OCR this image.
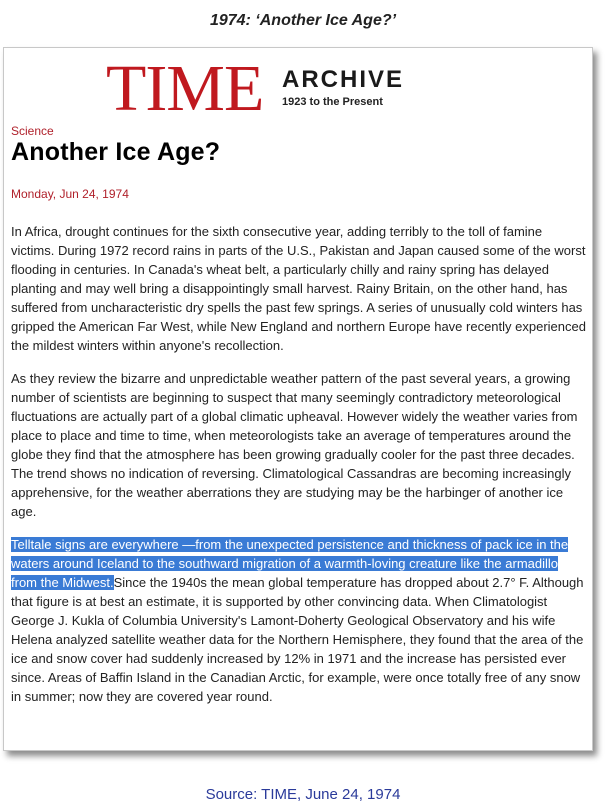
1974: ‘Another Ice Age?’
TIME ARCHIVE
1923 to the Present
Science
Another Ice Age?
Monday, Jun 24, 1974

In Africa, drought continues for the sixth consecutive year, adding terribly to the toll of famine victims. During 1972 record rains in parts of the U.S., Pakistan and Japan caused some of the worst flooding in centuries. In Canada's wheat belt, a particularly chilly and rainy spring has delayed planting and may well bring a disappointingly small harvest. Rainy Britain, on the other hand, has suffered from uncharacteristic dry spells the past few springs. A series of unusually cold winters has gripped the American Far West, while New England and northern Europe have recently experienced the mildest winters within anyone's recollection.

As they review the bizarre and unpredictable weather pattern of the past several years, a growing number of scientists are beginning to suspect that many seemingly contradictory meteorological fluctuations are actually part of a global climatic upheaval. However widely the weather varies from place to place and time to time, when meteorologists take an average of temperatures around the globe they find that the atmosphere has been growing gradually cooler for the past three decades. The trend shows no indication of reversing. Climatological Cassandras are becoming increasingly apprehensive, for the weather aberrations they are studying may be the harbinger of another ice age.

Telltale signs are everywhere —from the unexpected persistence and thickness of pack ice in the waters around Iceland to the southward migration of a warmth-loving creature like the armadillo from the Midwest.Since the 1940s the mean global temperature has dropped about 2.7° F. Although that figure is at best an estimate, it is supported by other convincing data. When Climatologist George J. Kukla of Columbia University's Lamont-Doherty Geological Observatory and his wife Helena analyzed satellite weather data for the Northern Hemisphere, they found that the area of the ice and snow cover had suddenly increased by 12% in 1971 and the increase has persisted ever since. Areas of Baffin Island in the Canadian Arctic, for example, were once totally free of any snow in summer; now they are covered year round.

Source: TIME, June 24, 1974
